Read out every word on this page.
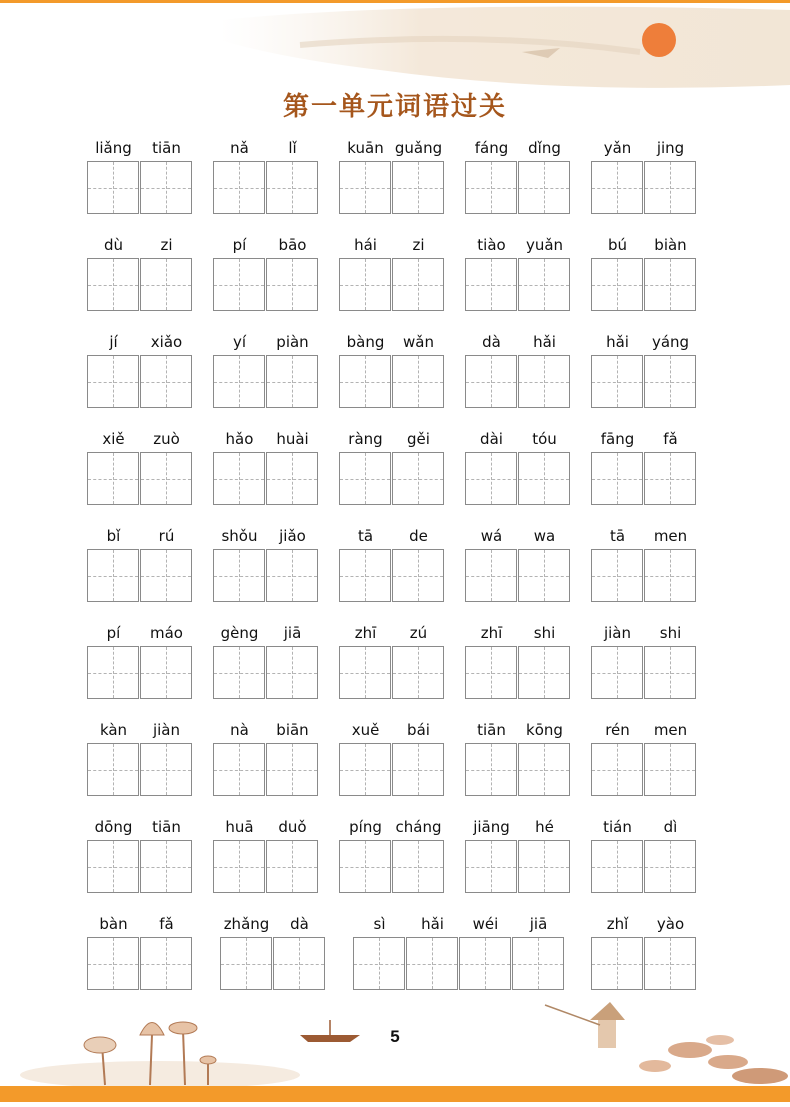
第一单元词语过关
liǎng	tiān	nǎ	lǐ	kuān guǎng	fáng	dǐng	yǎn	jing
dù	zi	pí	bāo	hái	zi	tiào	yuǎn	bú	biàn
jí	xiǎo	yí	piàn	bàng	wǎn	dà	hǎi	hǎi	yáng
xiě	zuò	hǎo	huài	ràng	gěi	dài	tóu	fāng	fǎ
bǐ	rú	shǒu	jiǎo	tā	de	wá	wa	tā	men
pí	máo	gèng	jiā	zhī	zú	zhī	shi	jiàn	shi
kàn	jiàn	nà	biān	xuě	bái	tiān	kōng	rén	men
dōng	tiān	huā	duǒ	píng cháng	jiāng	hé	tián	dì
bàn	fǎ	zhǎng	dà	sì	hǎi	wéi	jiā	zhǐ	yào
5
